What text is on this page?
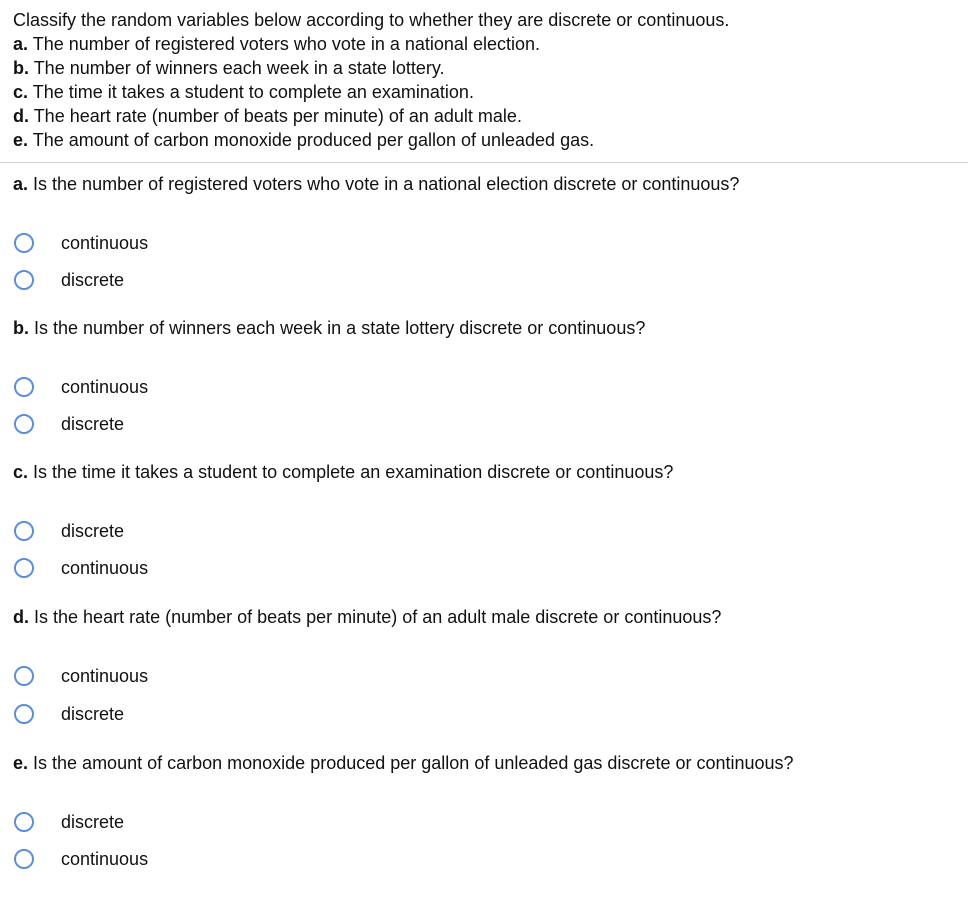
Classify the random variables below according to whether they are discrete or continuous.
a. The number of registered voters who vote in a national election.
b. The number of winners each week in a state lottery.
c. The time it takes a student to complete an examination.
d. The heart rate (number of beats per minute) of an adult male.
e. The amount of carbon monoxide produced per gallon of unleaded gas.
a. Is the number of registered voters who vote in a national election discrete or continuous?
continuous
discrete
b. Is the number of winners each week in a state lottery discrete or continuous?
continuous
discrete
c. Is the time it takes a student to complete an examination discrete or continuous?
discrete
continuous
d. Is the heart rate (number of beats per minute) of an adult male discrete or continuous?
continuous
discrete
e. Is the amount of carbon monoxide produced per gallon of unleaded gas discrete or continuous?
discrete
continuous
